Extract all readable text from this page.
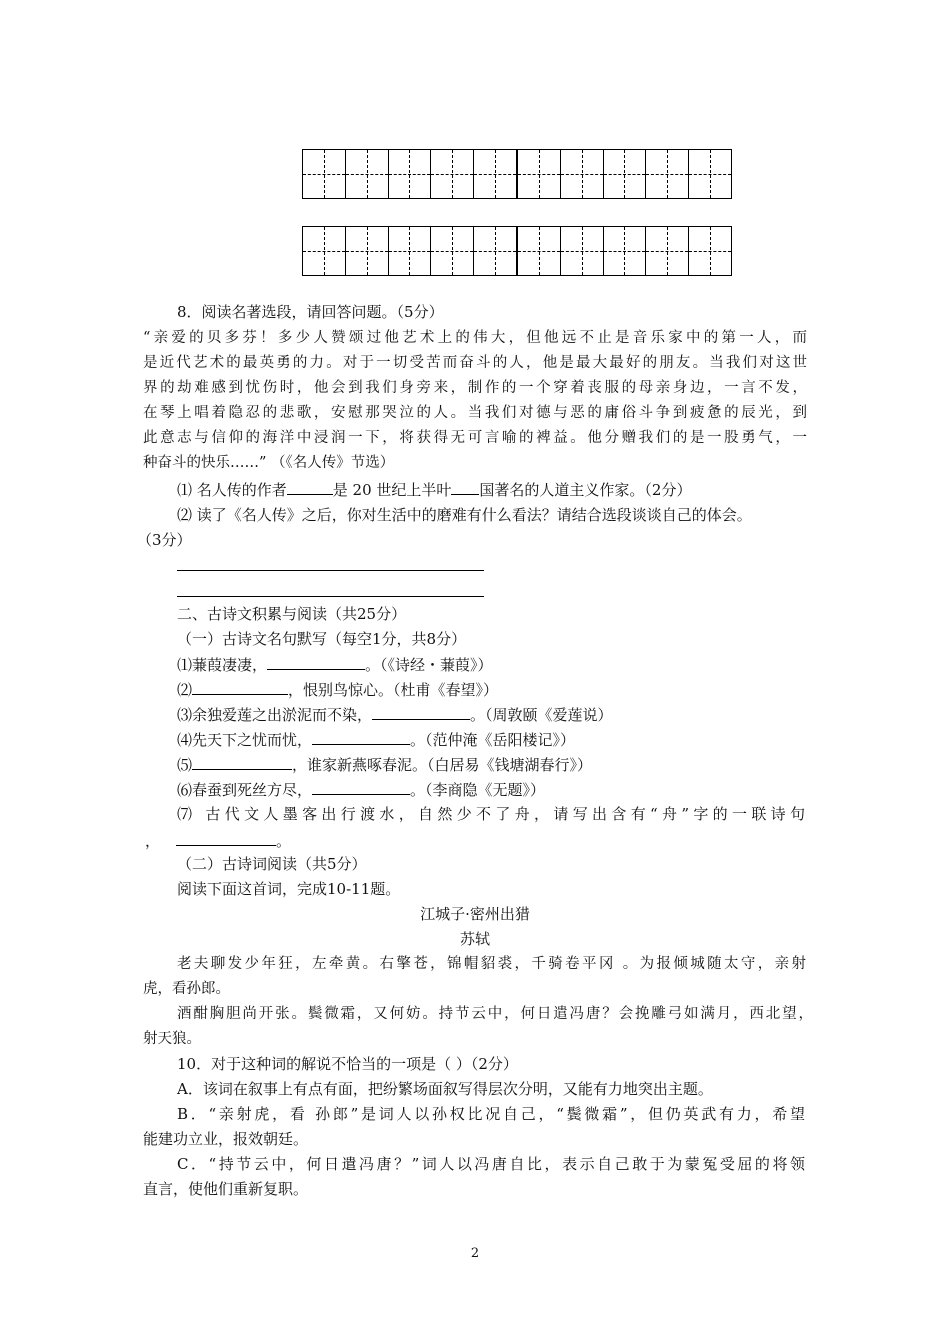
8．阅读名著选段，请回答问题。（5分）
“亲爱的贝多芬！多少人赞颂过他艺术上的伟大，但他远不止是音乐家中的第一人，而
是近代艺术的最英勇的力。对于一切受苦而奋斗的人，他是最大最好的朋友。当我们对这世
界的劫难感到忧伤时，他会到我们身旁来，制作的一个穿着丧服的母亲身边，一言不发，
在琴上唱着隐忍的悲歌，安慰那哭泣的人。当我们对德与恶的庸俗斗争到疲惫的辰光，到
此意志与信仰的海洋中浸润一下，将获得无可言喻的裨益。他分赠我们的是一股勇气，一
种奋斗的快乐……” （《名人传》节选）
⑴ 名人传的作者	是 20 世纪上半叶 国著名的人道主义作家。（2分）
⑵ 读了《名人传》之后，你对生活中的磨难有什么看法？请结合选段谈谈自己的体会。
（3分）
二、古诗文积累与阅读（共25分）
（一）古诗文名句默写（每空1分，共8分）
⑴蒹葭凄凄，	。（《诗经・蒹葭》）
⑵	，恨别鸟惊心。（杜甫《春望》）
⑶余独爱莲之出淤泥而不染，	。（周敦颐《爱莲说）
⑷先天下之忧而忧，	。（范仲淹《岳阳楼记》）
⑸	，谁家新燕啄春泥。（白居易《钱塘湖春行》）
⑹春蚕到死丝方尽，	。（李商隐《无题》）
⑺ 古代文人墨客出行渡水，自然少不了舟，请写出含有“舟”字的一联诗句
，	。
（二）古诗词阅读（共5分）
阅读下面这首词，完成10-11题。
江城子·密州出猎
苏轼
老夫聊发少年狂，左牵黄。右擎苍，锦帽貂裘，千骑卷平冈 。为报倾城随太守，亲射
虎，看孙郎。
酒酣胸胆尚开张。鬓微霜，又何妨。持节云中，何日遣冯唐？会挽雕弓如满月，西北望，
射天狼。
10．对于这种词的解说不恰当的一项是（ ）（2分）
A．该词在叙事上有点有面，把纷繁场面叙写得层次分明，又能有力地突出主题。
B．“亲射虎，看 孙郎”是词人以孙权比况自己，“鬓微霜”，但仍英武有力，希望
能建功立业，报效朝廷。
C．“持节云中，何日遣冯唐？”词人以冯唐自比，表示自己敢于为蒙冤受屈的将领
直言，使他们重新复职。
2
